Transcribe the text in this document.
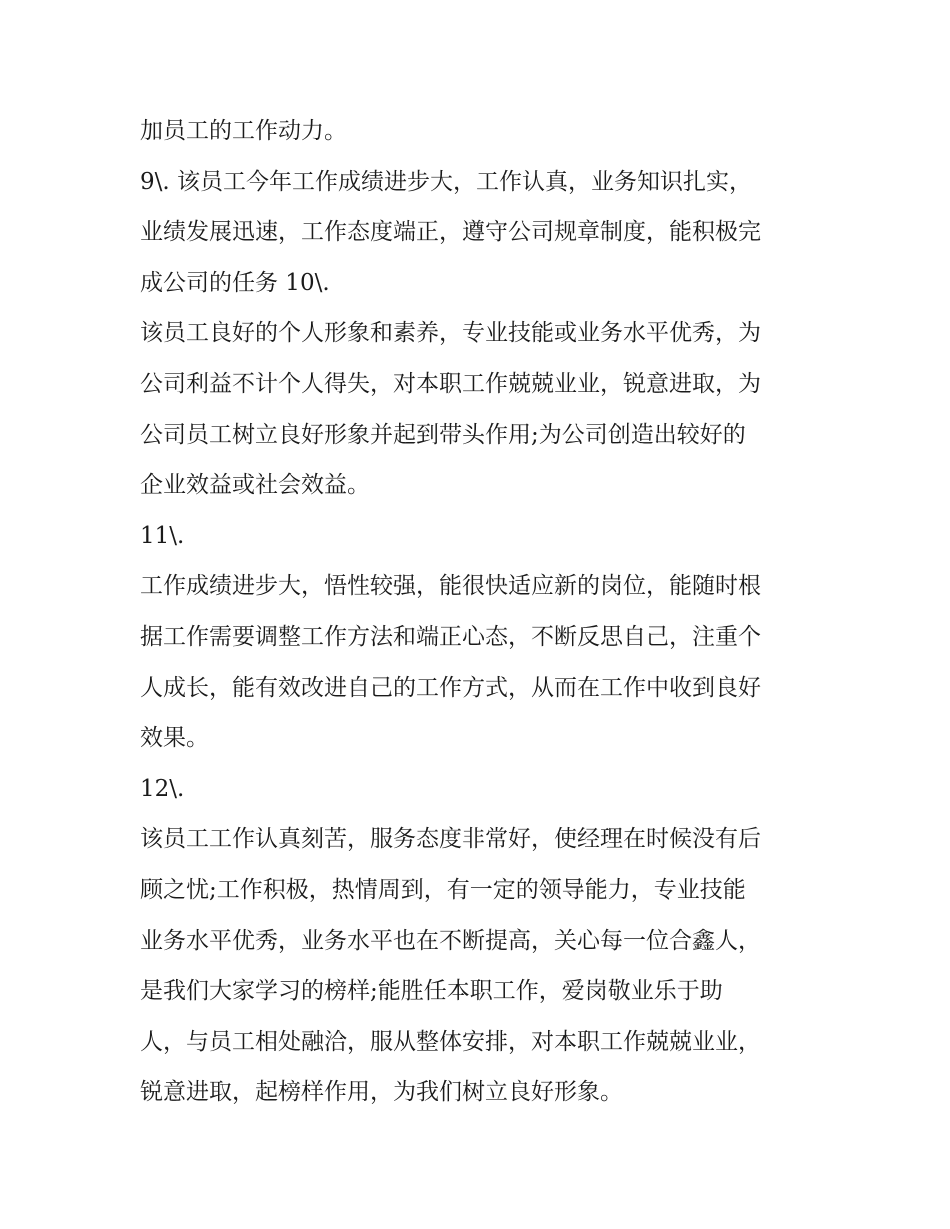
加员工的工作动力。

9\. 该员工今年工作成绩进步大，工作认真，业务知识扎实，

业绩发展迅速，工作态度端正，遵守公司规章制度，能积极完

成公司的任务 10\.

该员工良好的个人形象和素养，专业技能或业务水平优秀，为

公司利益不计个人得失，对本职工作兢兢业业，锐意进取，为

公司员工树立良好形象并起到带头作用;为公司创造出较好的

企业效益或社会效益。

11\.

工作成绩进步大，悟性较强，能很快适应新的岗位，能随时根

据工作需要调整工作方法和端正心态，不断反思自己，注重个

人成长，能有效改进自己的工作方式，从而在工作中收到良好

效果。

12\.

该员工工作认真刻苦，服务态度非常好，使经理在时候没有后

顾之忧;工作积极，热情周到，有一定的领导能力，专业技能

业务水平优秀，业务水平也在不断提高，关心每一位合鑫人，

是我们大家学习的榜样;能胜任本职工作，爱岗敬业乐于助

人，与员工相处融洽，服从整体安排，对本职工作兢兢业业，

锐意进取，起榜样作用，为我们树立良好形象。
